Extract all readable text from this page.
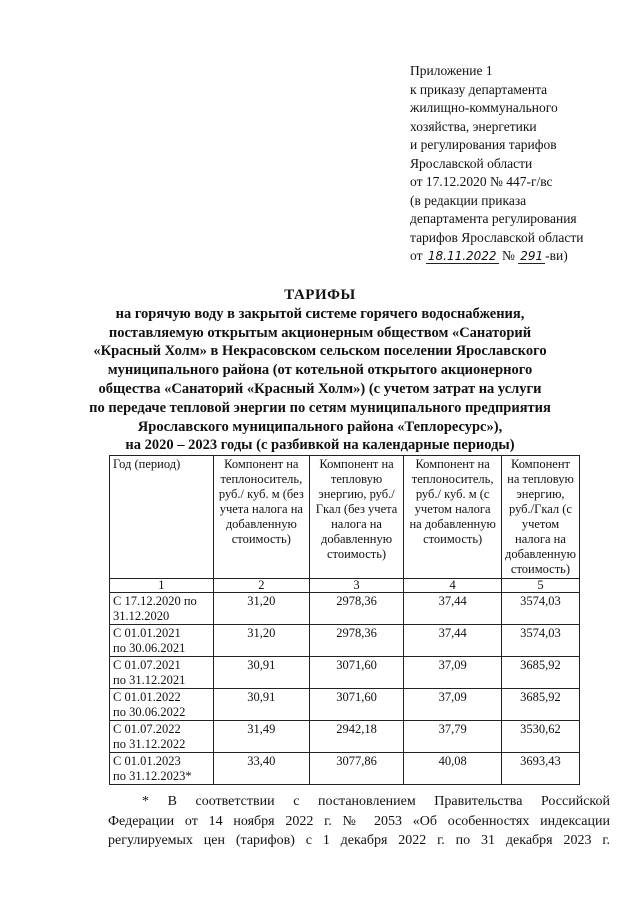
Приложение 1
к приказу департамента
жилищно-коммунального
хозяйства, энергетики
и регулирования тарифов
Ярославской области
от 17.12.2020 № 447-г/вс
(в редакции приказа
департамента регулирования
тарифов Ярославской области
от 18.11.2022 № 291 -ви)
ТАРИФЫ
на горячую воду в закрытой системе горячего водоснабжения,
поставляемую открытым акционерным обществом «Санаторий
«Красный Холм» в Некрасовском сельском поселении Ярославского
муниципального района (от котельной открытого акционерного
общества «Санаторий «Красный Холм») (с учетом затрат на услуги
по передаче тепловой энергии по сетям муниципального предприятия
Ярославского муниципального района «Теплоресурс»),
на 2020 – 2023 годы (с разбивкой на календарные периоды)
Год (период)	Компонент на теплоноситель, руб./ куб. м (без учета налога на добавленную стоимость)	Компонент на тепловую энергию, руб./Гкал (без учета налога на добавленную стоимость)	Компонент на теплоноситель, руб./ куб. м (с учетом налога на добавленную стоимость)	Компонент на тепловую энергию, руб./Гкал (с учетом налога на добавленную стоимость)
1	2	3	4	5
С 17.12.2020 по
31.12.2020	31,20	2978,36	37,44	3574,03
С 01.01.2021
по 30.06.2021	31,20	2978,36	37,44	3574,03
С 01.07.2021
по 31.12.2021	30,91	3071,60	37,09	3685,92
С 01.01.2022
по 30.06.2022	30,91	3071,60	37,09	3685,92
С 01.07.2022
по 31.12.2022	31,49	2942,18	37,79	3530,62
С 01.01.2023
по 31.12.2023*	33,40	3077,86	40,08	3693,43

* В соответствии с постановлением Правительства Российской

Федерации от 14 ноября 2022 г. № 2053 «Об особенностях индексации

регулируемых цен (тарифов) с 1 декабря 2022 г. по 31 декабря 2023 г.
